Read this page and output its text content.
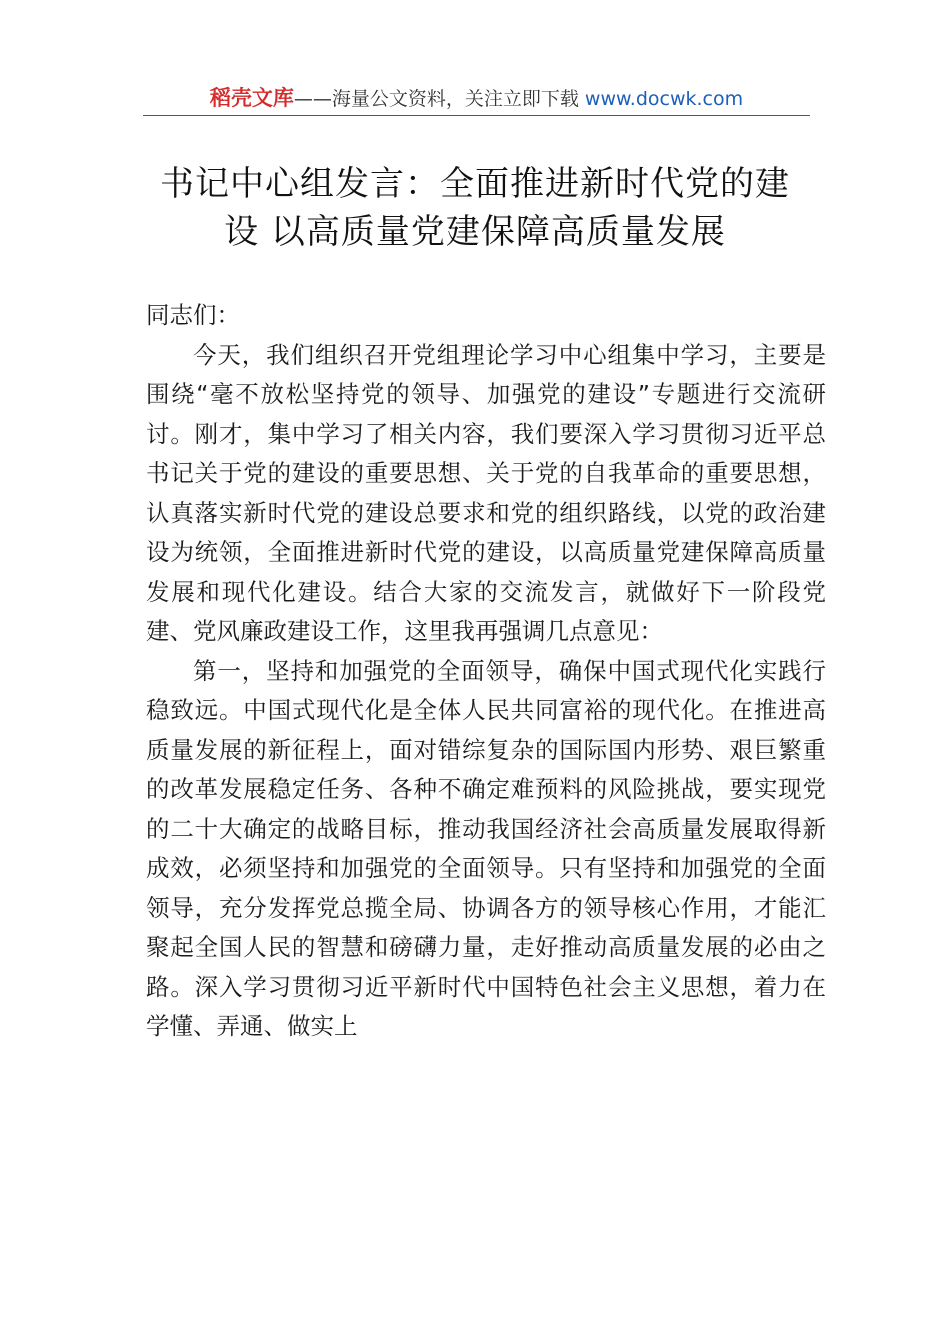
稻壳文库——海量公文资料，关注立即下载 www.docwk.com
书记中心组发言：全面推进新时代党的建
设 以高质量党建保障高质量发展

同志们：

今天，我们组织召开党组理论学习中心组集中学习，主要是围绕“毫不放松坚持党的领导、加强党的建设”专题进行交流研讨。刚才，集中学习了相关内容，我们要深入学习贯彻习近平总书记关于党的建设的重要思想、关于党的自我革命的重要思想，认真落实新时代党的建设总要求和党的组织路线，以党的政治建设为统领，全面推进新时代党的建设，以高质量党建保障高质量发展和现代化建设。结合大家的交流发言，就做好下一阶段党建、党风廉政建设工作，这里我再强调几点意见：

第一，坚持和加强党的全面领导，确保中国式现代化实践行稳致远。中国式现代化是全体人民共同富裕的现代化。在推进高质量发展的新征程上，面对错综复杂的国际国内形势、艰巨繁重的改革发展稳定任务、各种不确定难预料的风险挑战，要实现党的二十大确定的战略目标，推动我国经济社会高质量发展取得新成效，必须坚持和加强党的全面领导。只有坚持和加强党的全面领导，充分发挥党总揽全局、协调各方的领导核心作用，才能汇聚起全国人民的智慧和磅礴力量，走好推动高质量发展的必由之路。深入学习贯彻习近平新时代中国特色社会主义思想，着力在学懂、弄通、做实上
